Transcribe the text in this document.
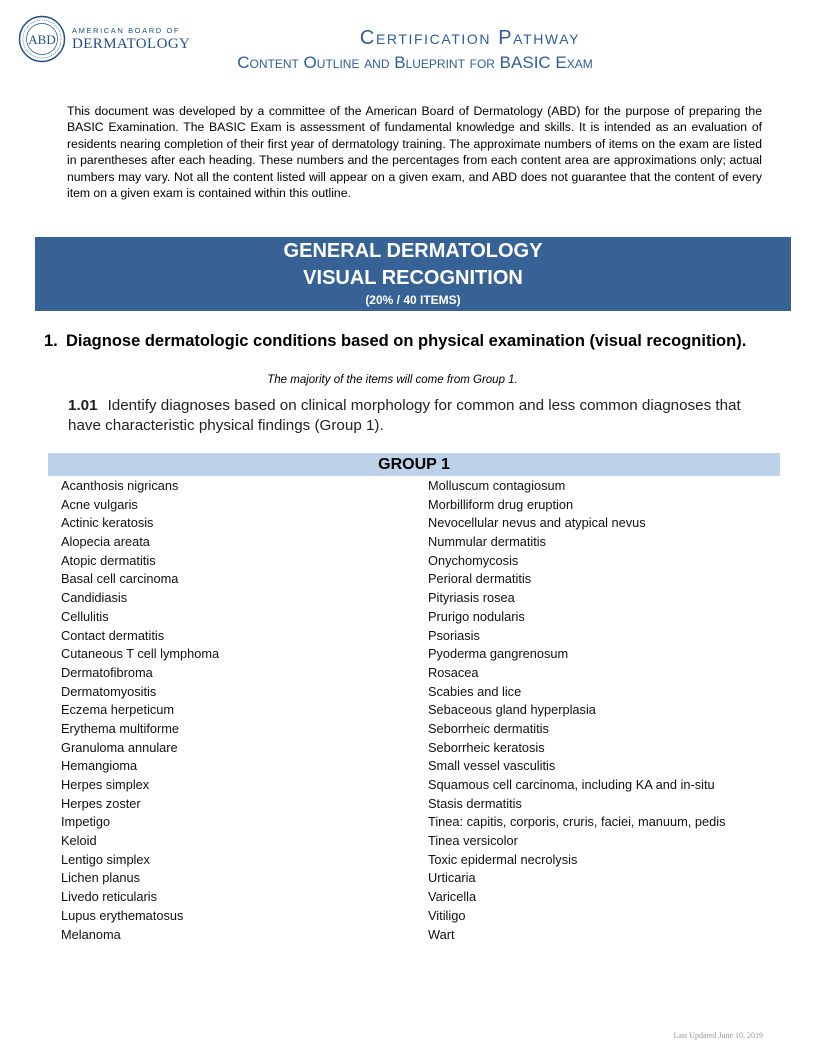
ABD
AMERICAN BOARD OF
DERMATOLOGY	Certification Pathway
Content Outline and Blueprint for BASIC Exam

This document was developed by a committee of the American Board of Dermatology (ABD) for the purpose of preparing the BASIC Examination. The BASIC Exam is assessment of fundamental knowledge and skills. It is intended as an evaluation of residents nearing completion of their first year of dermatology training. The approximate numbers of items on the exam are listed in parentheses after each heading. These numbers and the percentages from each content area are approximations only; actual numbers may vary. Not all the content listed will appear on a given exam, and ABD does not guarantee that the content of every item on a given exam is contained within this outline.

GENERAL DERMATOLOGY
VISUAL RECOGNITION
(20% / 40 ITEMS)
1. Diagnose dermatologic conditions based on physical examination (visual recognition).
The majority of the items will come from Group 1.
1.01 Identify diagnoses based on clinical morphology for common and less common diagnoses that have characteristic physical findings (Group 1).
GROUP 1
Acanthosis nigricans
Acne vulgaris
Actinic keratosis
Alopecia areata
Atopic dermatitis
Basal cell carcinoma
Candidiasis
Cellulitis
Contact dermatitis
Cutaneous T cell lymphoma
Dermatofibroma
Dermatomyositis
Eczema herpeticum
Erythema multiforme
Granuloma annulare
Hemangioma
Herpes simplex
Herpes zoster
Impetigo
Keloid
Lentigo simplex
Lichen planus
Livedo reticularis
Lupus erythematosus
Melanoma
Molluscum contagiosum
Morbilliform drug eruption
Nevocellular nevus and atypical nevus
Nummular dermatitis
Onychomycosis
Perioral dermatitis
Pityriasis rosea
Prurigo nodularis
Psoriasis
Pyoderma gangrenosum
Rosacea
Scabies and lice
Sebaceous gland hyperplasia
Seborrheic dermatitis
Seborrheic keratosis
Small vessel vasculitis
Squamous cell carcinoma, including KA and in-situ
Stasis dermatitis
Tinea: capitis, corporis, cruris, faciei, manuum, pedis
Tinea versicolor
Toxic epidermal necrolysis
Urticaria
Varicella
Vitiligo
Wart
Last Updated June 10, 2019
